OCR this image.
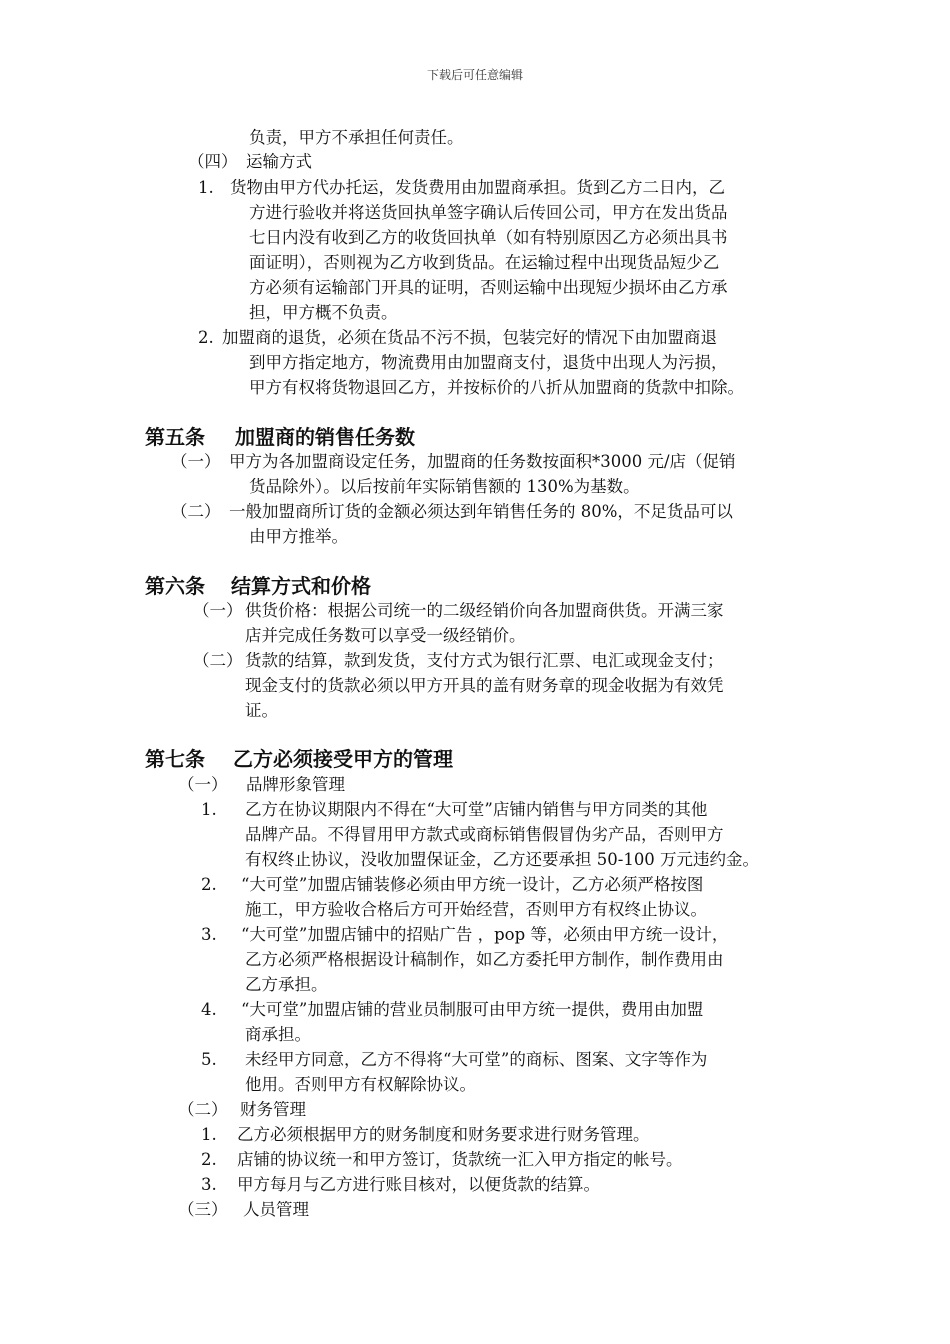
下载后可任意编辑
负责，甲方不承担任何责任。
（四） 运输方式
1. 货物由甲方代办托运，发货费用由加盟商承担。货到乙方二日内，乙
方进行验收并将送货回执单签字确认后传回公司，甲方在发出货品
七日内没有收到乙方的收货回执单（如有特别原因乙方必须出具书
面证明），否则视为乙方收到货品。在运输过程中出现货品短少乙
方必须有运输部门开具的证明，否则运输中出现短少损坏由乙方承
担，甲方概不负责。
2. 加盟商的退货，必须在货品不污不损，包装完好的情况下由加盟商退
到甲方指定地方，物流费用由加盟商支付，退货中出现人为污损，
甲方有权将货物退回乙方，并按标价的八折从加盟商的货款中扣除。
第五条 加盟商的销售任务数
（一） 甲方为各加盟商设定任务，加盟商的任务数按面积*3000 元/店（促销
货品除外）。以后按前年实际销售额的 130%为基数。
（二） 一般加盟商所订货的金额必须达到年销售任务的 80%，不足货品可以
由甲方推举。
第六条 结算方式和价格
（一） 供货价格：根据公司统一的二级经销价向各加盟商供货。开满三家
店并完成任务数可以享受一级经销价。
（二） 货款的结算，款到发货，支付方式为银行汇票、电汇或现金支付；
现金支付的货款必须以甲方开具的盖有财务章的现金收据为有效凭
证。
第七条 乙方必须接受甲方的管理
（一） 品牌形象管理
1. 乙方在协议期限内不得在“大可堂”店铺内销售与甲方同类的其他
品牌产品。不得冒用甲方款式或商标销售假冒伪劣产品，否则甲方
有权终止协议，没收加盟保证金，乙方还要承担 50-100 万元违约金。
2. “大可堂”加盟店铺装修必须由甲方统一设计，乙方必须严格按图
施工，甲方验收合格后方可开始经营，否则甲方有权终止协议。
3. “大可堂”加盟店铺中的招贴广告 ，pop 等，必须由甲方统一设计，
乙方必须严格根据设计稿制作，如乙方委托甲方制作，制作费用由
乙方承担。
4. “大可堂”加盟店铺的营业员制服可由甲方统一提供，费用由加盟
商承担。
5. 未经甲方同意，乙方不得将“大可堂”的商标、图案、文字等作为
他用。否则甲方有权解除协议。
（二） 财务管理
1. 乙方必须根据甲方的财务制度和财务要求进行财务管理。
2. 店铺的协议统一和甲方签订，货款统一汇入甲方指定的帐号。
3. 甲方每月与乙方进行账目核对，以便货款的结算。
（三） 人员管理
